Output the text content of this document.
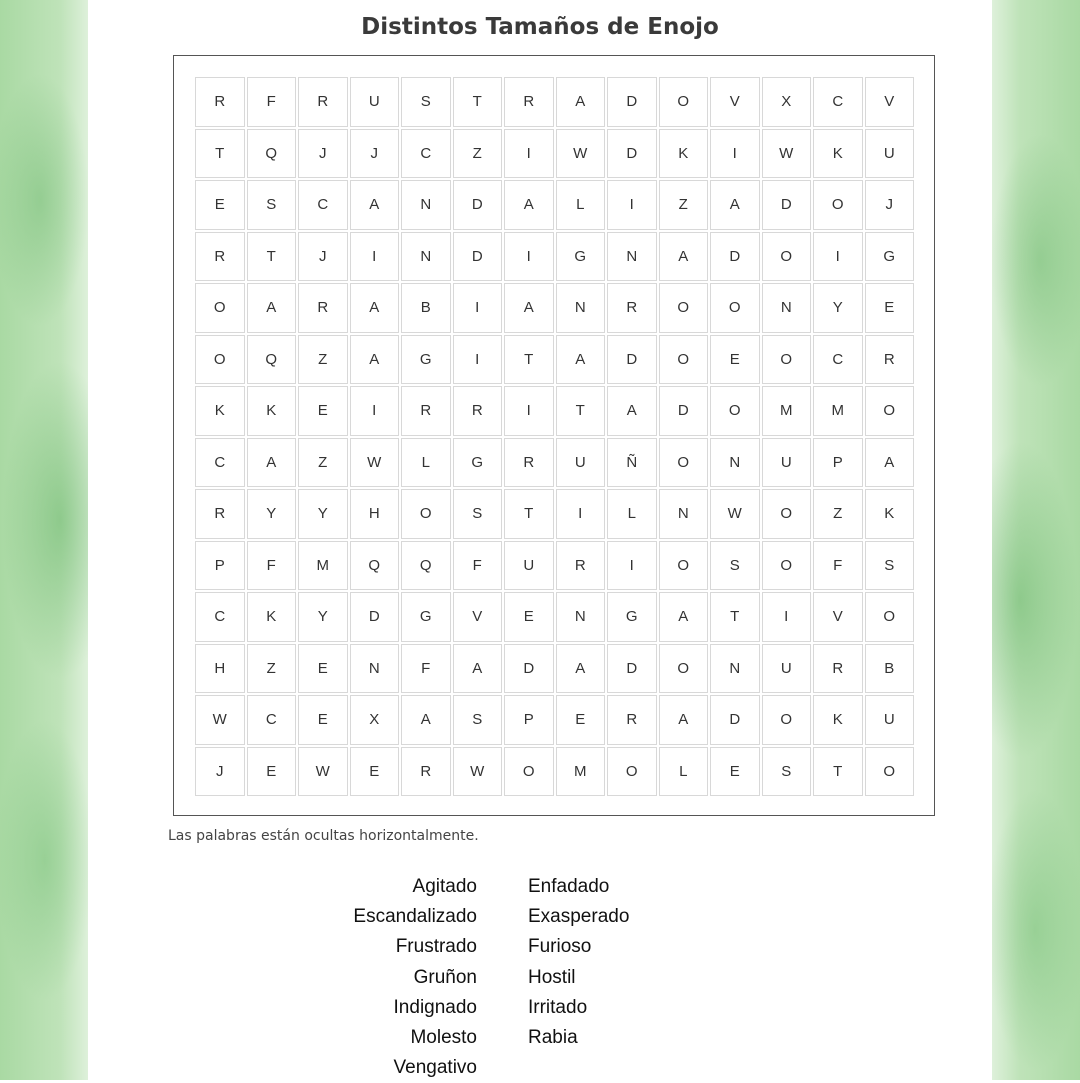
Distintos Tamaños de Enojo
R	F	R	U	S	T	R	A	D	O	V	X	C	V
T	Q	J	J	C	Z	I	W	D	K	I	W	K	U
E	S	C	A	N	D	A	L	I	Z	A	D	O	J
R	T	J	I	N	D	I	G	N	A	D	O	I	G
O	A	R	A	B	I	A	N	R	O	O	N	Y	E
O	Q	Z	A	G	I	T	A	D	O	E	O	C	R
K	K	E	I	R	R	I	T	A	D	O	M	M	O
C	A	Z	W	L	G	R	U	Ñ	O	N	U	P	A
R	Y	Y	H	O	S	T	I	L	N	W	O	Z	K
P	F	M	Q	Q	F	U	R	I	O	S	O	F	S
C	K	Y	D	G	V	E	N	G	A	T	I	V	O
H	Z	E	N	F	A	D	A	D	O	N	U	R	B
W	C	E	X	A	S	P	E	R	A	D	O	K	U
J	E	W	E	R	W	O	M	O	L	E	S	T	O
Las palabras están ocultas horizontalmente.
Agitado
Escandalizado
Frustrado
Gruñon
Indignado
Molesto
Vengativo
Enfadado
Exasperado
Furioso
Hostil
Irritado
Rabia
